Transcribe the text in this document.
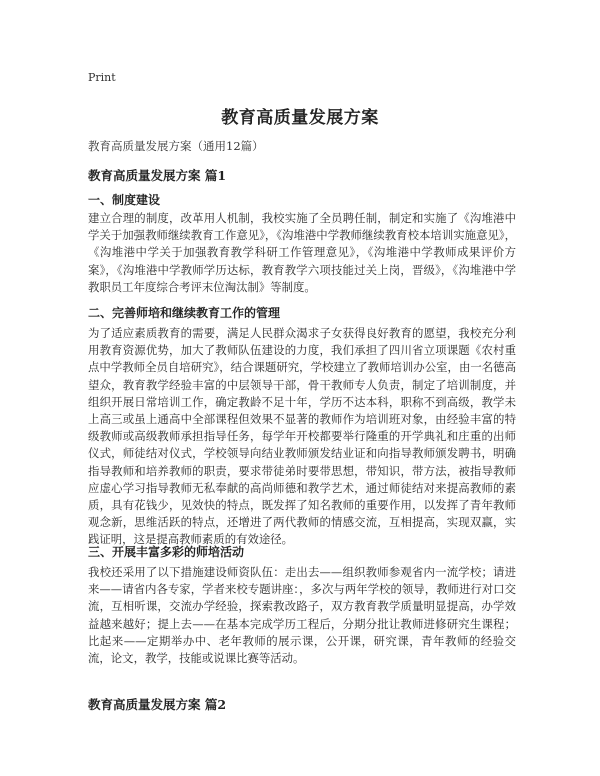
Print
教育高质量发展方案
教育高质量发展方案（通用12篇）
教育高质量发展方案 篇1
一、制度建设
建立合理的制度，改革用人机制，我校实施了全员聘任制，制定和实施了《沟堆港中学关于加强教师继续教育工作意见》，《沟堆港中学教师继续教育校本培训实施意见》，《沟堆港中学关于加强教育教学科研工作管理意见》，《沟堆港中学教师成果评价方案》，《沟堆港中学教师学历达标，教育教学六项技能过关上岗，晋级》，《沟堆港中学教职员工年度综合考评末位淘汰制》等制度。
二、完善师培和继续教育工作的管理
为了适应素质教育的需要，满足人民群众渴求子女获得良好教育的愿望，我校充分利用教育资源优势，加大了教师队伍建设的力度，我们承担了四川省立项课题《农村重点中学教师全员自培研究》，结合课题研究，学校建立了教师培训办公室，由一名德高望众，教育教学经验丰富的中层领导干部，骨干教师专人负责，制定了培训制度，并组织开展日常培训工作，确定教龄不足十年，学历不达本科，职称不到高级，教学未上高三或虽上通高中全部课程但效果不显著的教师作为培训班对象，由经验丰富的特级教师或高级教师承担指导任务，每学年开校都要举行隆重的开学典礼和庄重的出师仪式，师徒结对仪式，学校领导向结业教师颁发结业证和向指导教师颁发聘书，明确指导教师和培养教师的职责，要求带徒弟时要带思想，带知识，带方法，被指导教师应虚心学习指导教师无私奉献的高尚师德和教学艺术，通过师徒结对来提高教师的素质，具有花钱少，见效快的特点，既发挥了知名教师的重要作用，以发挥了青年教师观念新，思维活跃的特点，还增进了两代教师的情感交流，互相提高，实现双赢，实践证明，这是提高教师素质的有效途径。
三、开展丰富多彩的师培活动
我校还采用了以下措施建设师资队伍：走出去——组织教师参观省内一流学校；请进来——请省内各专家，学者来校专题讲座：，多次与两年学校的领导，教师进行对口交流，互相听课，交流办学经验，探索教改路子，双方教育教学质量明显提高，办学效益越来越好；提上去——在基本完成学历工程后，分期分批让教师进修研究生课程；比起来——定期举办中、老年教师的展示课，公开课，研究课，青年教师的经验交流，论文，教学，技能或说课比赛等活动。
教育高质量发展方案 篇2
